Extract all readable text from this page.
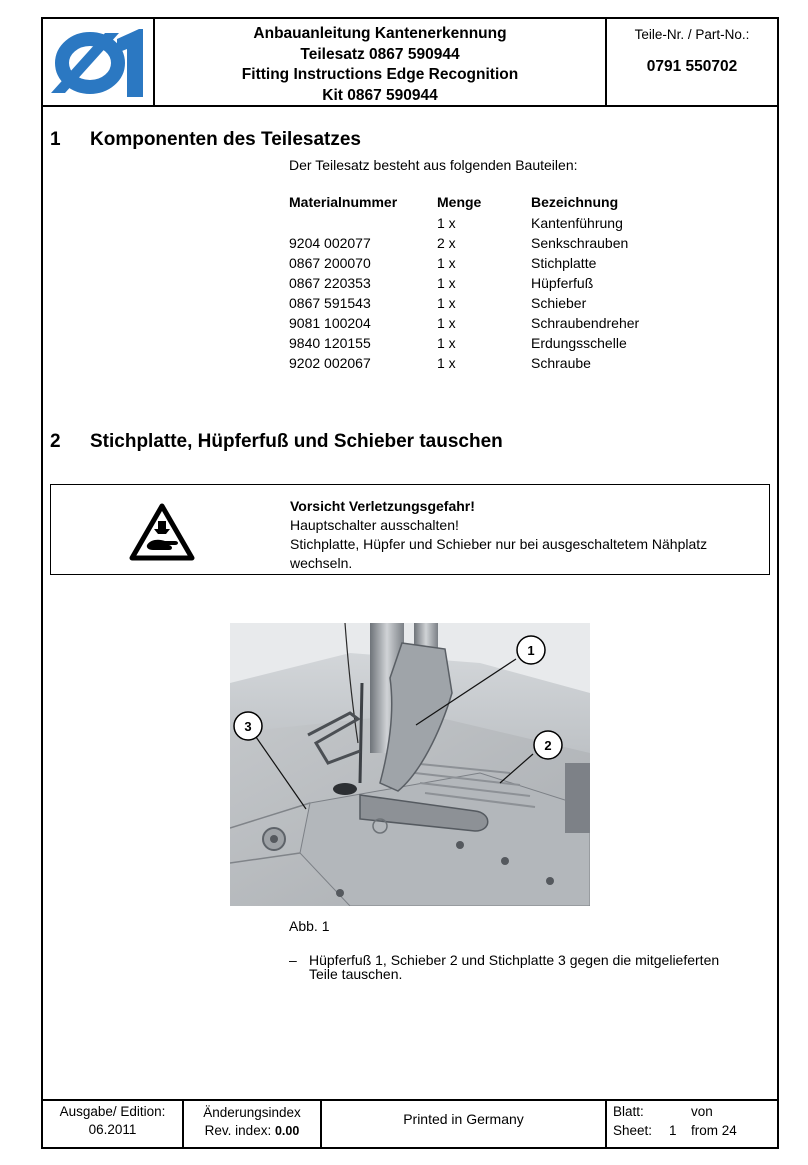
Anbauanleitung Kantenerkennung
Teilesatz 0867 590944
Fitting Instructions Edge Recognition
Kit 0867 590944
Teile-Nr. / Part-No.:
0791 550702
1 Komponenten des Teilesatzes
Der Teilesatz besteht aus folgenden Bauteilen:
Materialnummer	Menge	Bezeichnung
	1 x	Kantenführung
9204 002077	2 x	Senkschrauben
0867 200070	1 x	Stichplatte
0867 220353	1 x	Hüpferfuß
0867 591543	1 x	Schieber
9081 100204	1 x	Schraubendreher
9840 120155	1 x	Erdungsschelle
9202 002067	1 x	Schraube
2 Stichplatte, Hüpferfuß und Schieber tauschen
Vorsicht Verletzungsgefahr!
Hauptschalter ausschalten!
Stichplatte, Hüpfer und Schieber nur bei ausgeschaltetem Nähplatz
wechseln.
1
2
3
Abb. 1
– Hüpferfuß 1, Schieber 2 und Stichplatte 3 gegen die mitgelieferten
Teile tauschen.
Ausgabe/ Edition:
06.2011
Änderungsindex
Rev. index: 0.00
Printed in Germany	Blatt:	von
Sheet: 1 from 24
